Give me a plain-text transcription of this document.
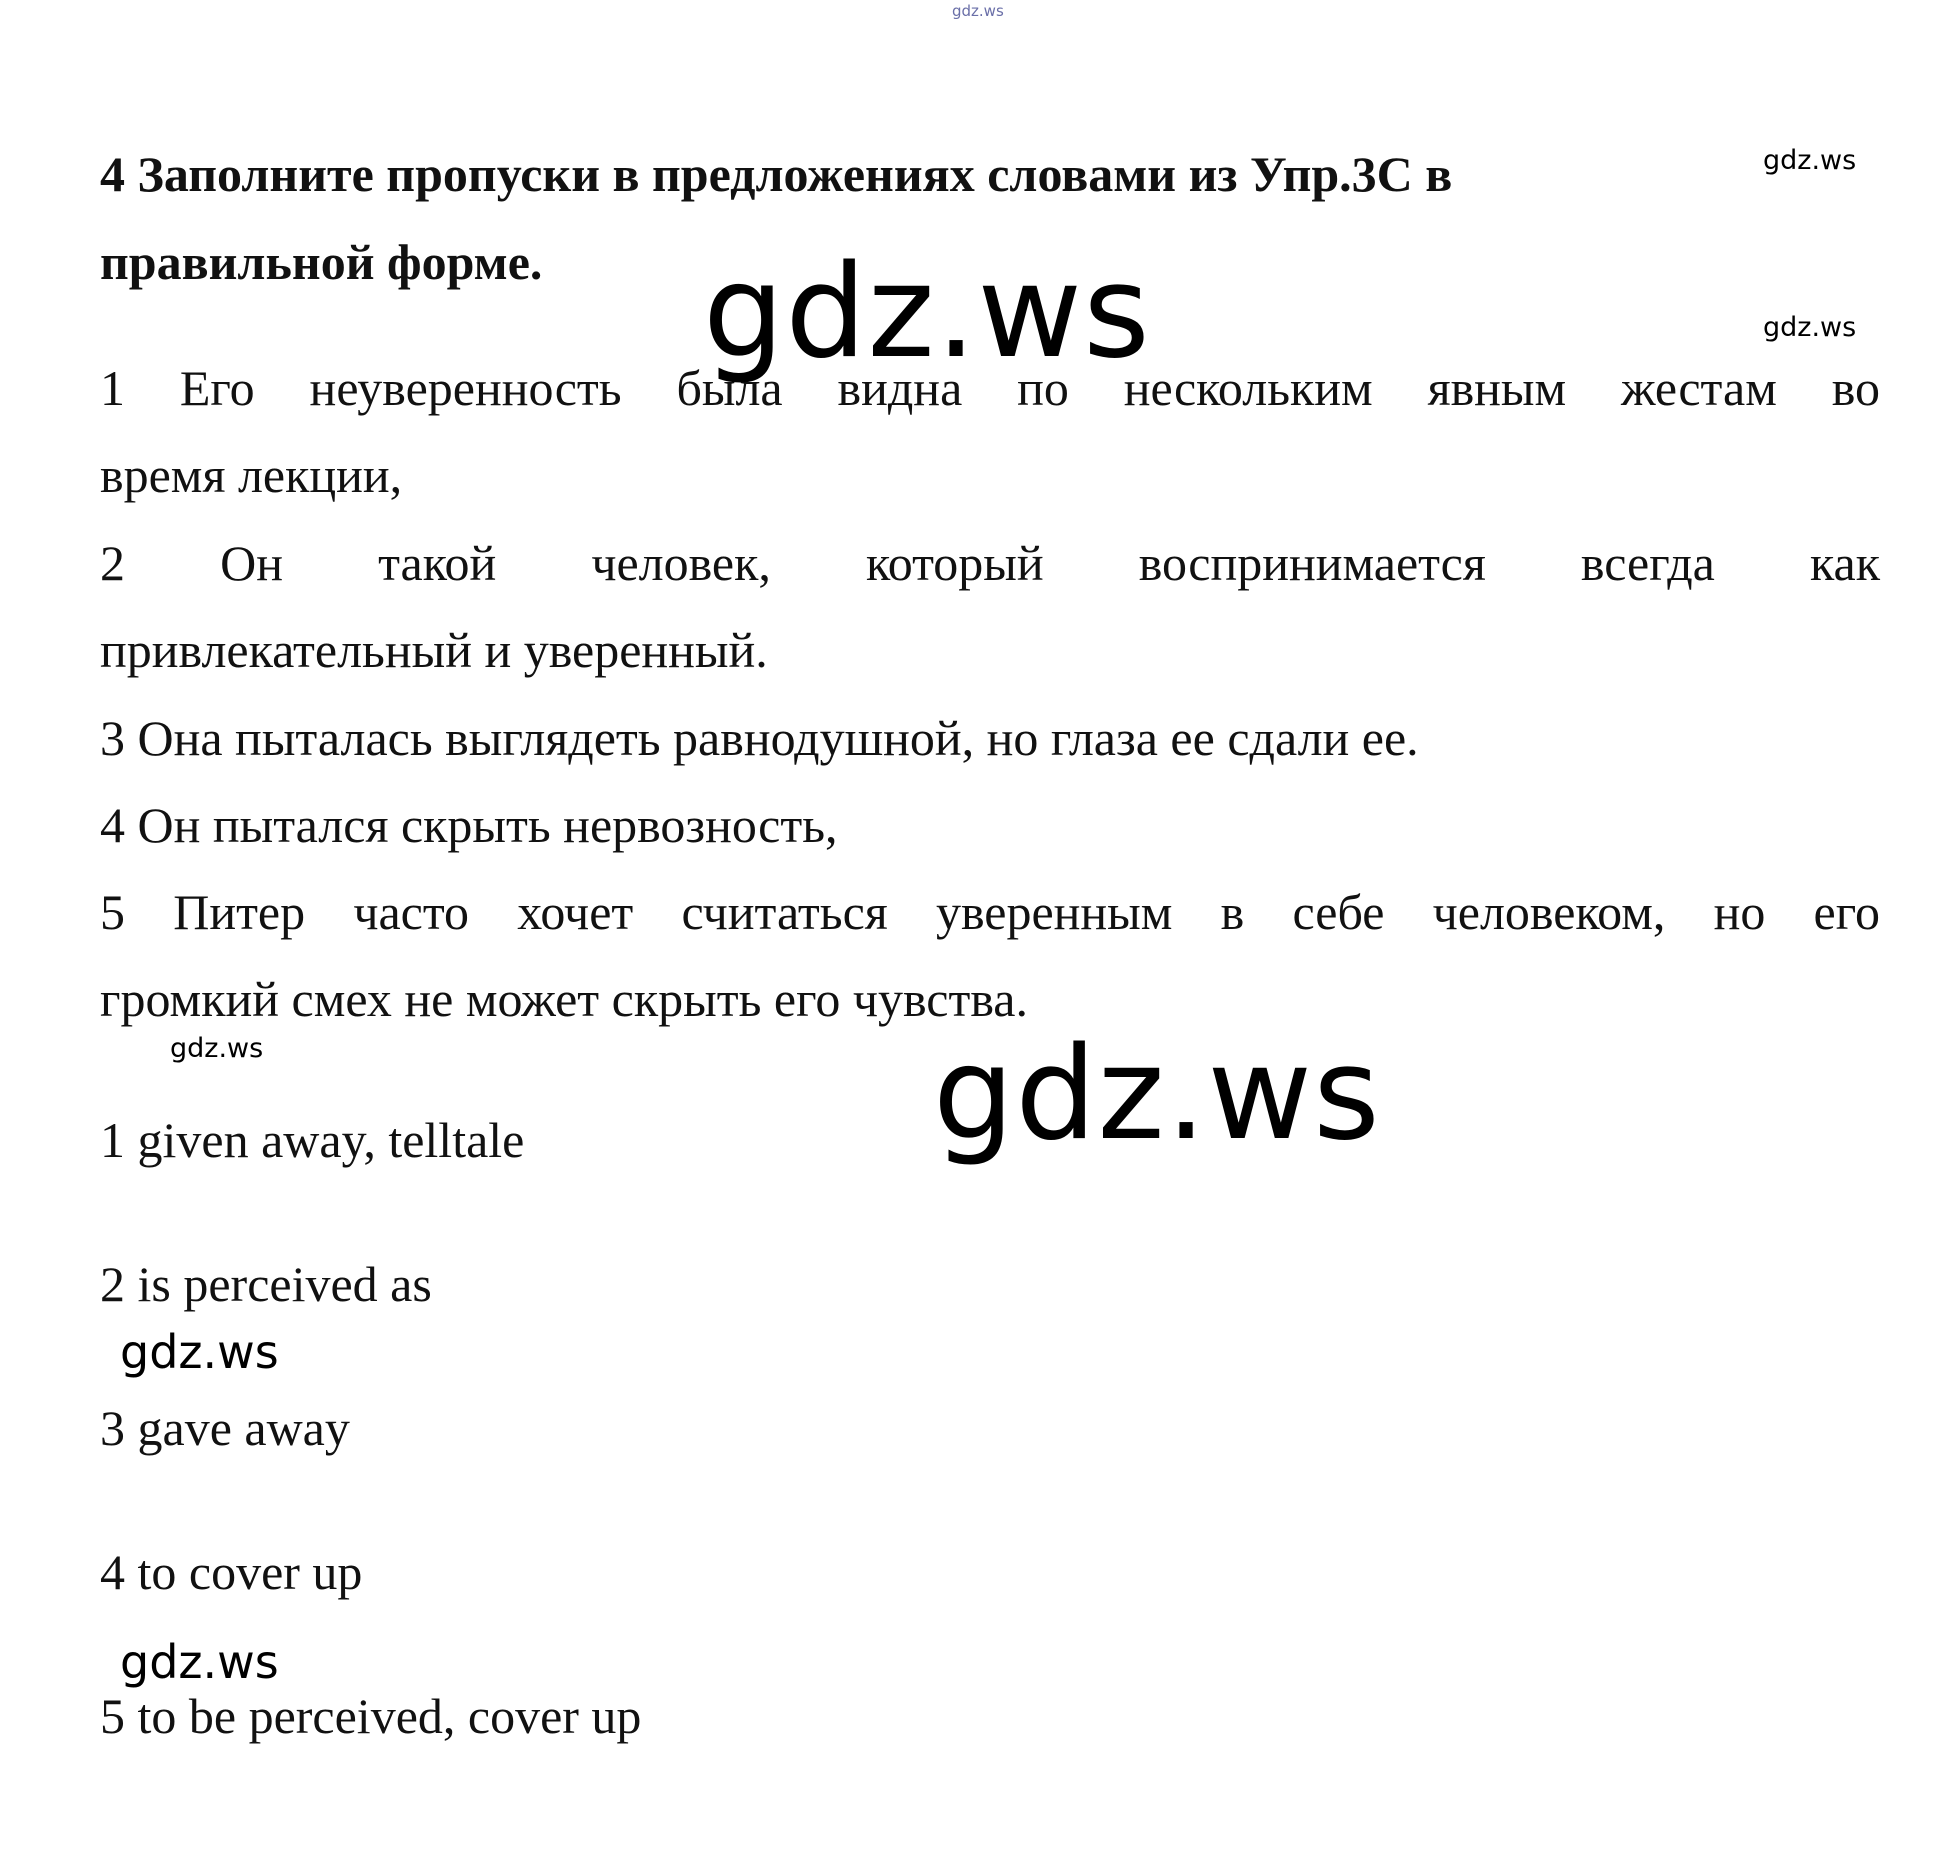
gdz.ws
gdz.ws
gdz.ws
gdz.ws
gdz.ws	gdz.ws
gdz.ws
gdz.ws
4 Заполните пропуски в предложениях словами из Упр.3С в
правильной форме.
1 Его неуверенность была видна по нескольким явным жестам во
время лекции,
2 Он такой человек, который воспринимается всегда как
привлекательный и уверенный.
3 Она пыталась выглядеть равнодушной, но глаза ее сдали ее.
4 Он пытался скрыть нервозность,
5 Питер часто хочет считаться уверенным в себе человеком, но его
громкий смех не может скрыть его чувства.
1 given away, telltale
2 is perceived as
3 gave away
4 to cover up
5 to be perceived, cover up
